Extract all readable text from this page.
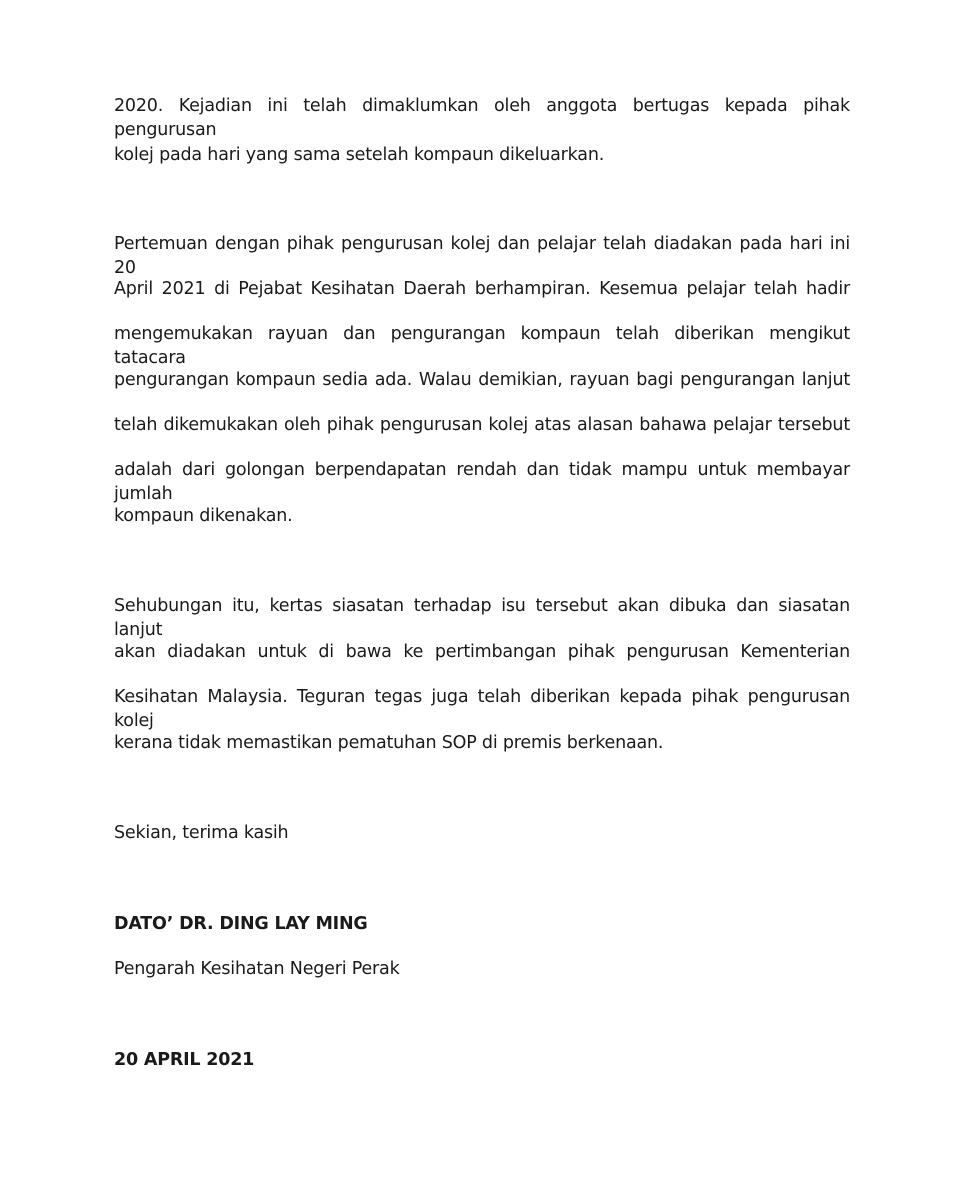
2020. Kejadian ini telah dimaklumkan oleh anggota bertugas kepada pihak pengurusan
kolej pada hari yang sama setelah kompaun dikeluarkan.
Pertemuan dengan pihak pengurusan kolej dan pelajar telah diadakan pada hari ini 20
April 2021 di Pejabat Kesihatan Daerah berhampiran. Kesemua pelajar telah hadir
mengemukakan rayuan dan pengurangan kompaun telah diberikan mengikut tatacara
pengurangan kompaun sedia ada. Walau demikian, rayuan bagi pengurangan lanjut
telah dikemukakan oleh pihak pengurusan kolej atas alasan bahawa pelajar tersebut
adalah dari golongan berpendapatan rendah dan tidak mampu untuk membayar jumlah
kompaun dikenakan.
Sehubungan itu, kertas siasatan terhadap isu tersebut akan dibuka dan siasatan lanjut
akan diadakan untuk di bawa ke pertimbangan pihak pengurusan Kementerian
Kesihatan Malaysia. Teguran tegas juga telah diberikan kepada pihak pengurusan kolej
kerana tidak memastikan pematuhan SOP di premis berkenaan.
Sekian, terima kasih
DATO’ DR. DING LAY MING
Pengarah Kesihatan Negeri Perak
20 APRIL 2021
